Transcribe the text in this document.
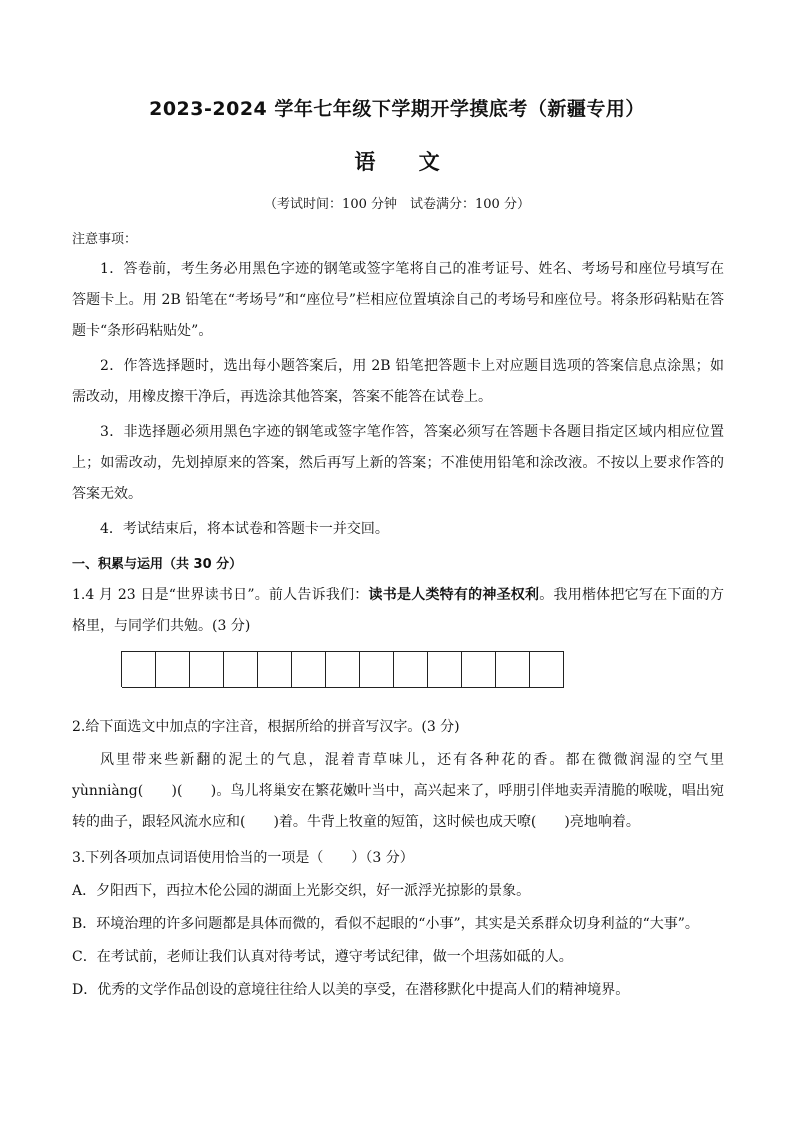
2023-2024 学年七年级下学期开学摸底考（新疆专用）
语 文
（考试时间：100 分钟　试卷满分：100 分）
注意事项：
1．答卷前，考生务必用黑色字迹的钢笔或签字笔将自己的准考证号、姓名、考场号和座位号填写在答题卡上。用 2B 铅笔在“考场号”和“座位号”栏相应位置填涂自己的考场号和座位号。将条形码粘贴在答题卡“条形码粘贴处”。
2．作答选择题时，选出每小题答案后，用 2B 铅笔把答题卡上对应题目选项的答案信息点涂黑；如需改动，用橡皮擦干净后，再选涂其他答案，答案不能答在试卷上。
3．非选择题必须用黑色字迹的钢笔或签字笔作答，答案必须写在答题卡各题目指定区域内相应位置上；如需改动，先划掉原来的答案，然后再写上新的答案；不准使用铅笔和涂改液。不按以上要求作答的答案无效。
4．考试结束后，将本试卷和答题卡一并交回。
一、积累与运用（共 30 分）
1.4 月 23 日是“世界读书日”。前人告诉我们：读书是人类特有的神圣权利。我用楷体把它写在下面的方格里，与同学们共勉。(3 分)
2.给下面选文中加点的字注音，根据所给的拼音写汉字。(3 分)
风里带来些新翻的泥土的气息，混着青草味儿，还有各种花的香。都在微微润湿的空气里 yùnniàng(　　)(　　)。鸟儿将巢安在繁花嫩叶当中，高兴起来了，呼朋引伴地卖弄清脆的喉咙，唱出宛转的曲子，跟轻风流水应和(　　)着。牛背上牧童的短笛，这时候也成天嘹(　　)亮地响着。
3.下列各项加点词语使用恰当的一项是（　　）（3 分）
A．夕阳西下，西拉木伦公园的湖面上光影交织，好一派浮光掠影的景象。
B．环境治理的许多问题都是具体而微的，看似不起眼的“小事”，其实是关系群众切身利益的“大事”。
C．在考试前，老师让我们认真对待考试，遵守考试纪律，做一个坦荡如砥的人。
D．优秀的文学作品创设的意境往往给人以美的享受，在潜移默化中提高人们的精神境界。
